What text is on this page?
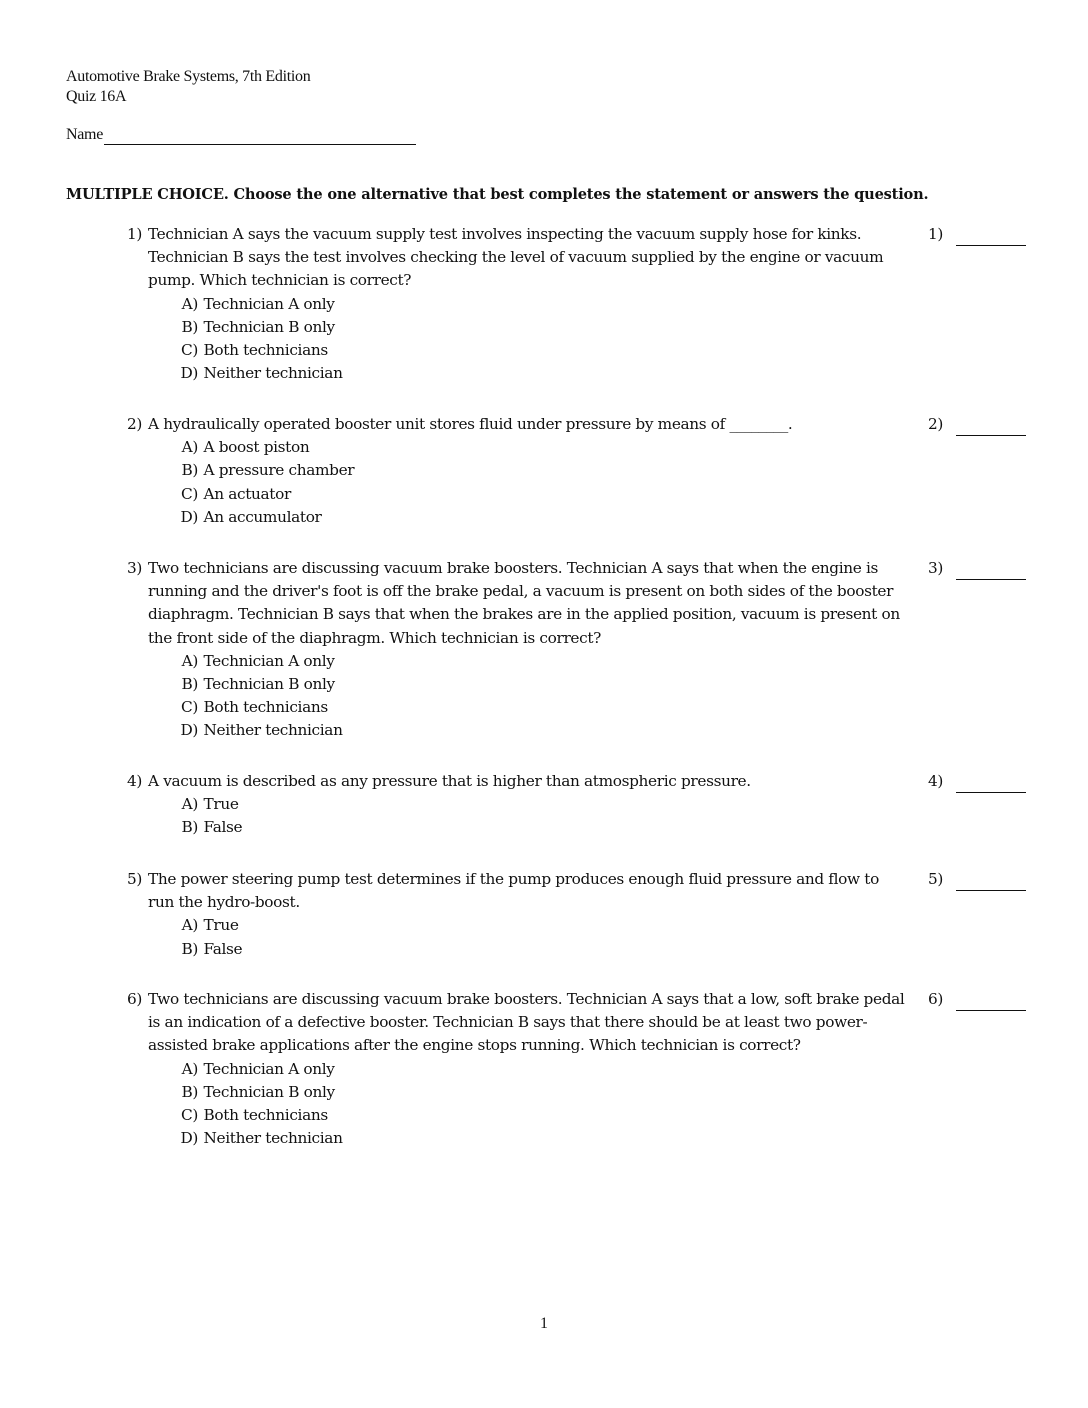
Automotive Brake Systems, 7th Edition
Quiz 16A
Name
MULTIPLE CHOICE. Choose the one alternative that best completes the statement or answers the question.
1) Technician A says the vacuum supply test involves inspecting the vacuum supply hose for kinks. Technician B says the test involves checking the level of vacuum supplied by the engine or vacuum pump. Which technician is correct?
1)
A) Technician A only
B) Technician B only
C) Both technicians
D) Neither technician
2) A hydraulically operated booster unit stores fluid under pressure by means of ________.	2)
A) A boost piston
B) A pressure chamber
C) An actuator
D) An accumulator
3) Two technicians are discussing vacuum brake boosters. Technician A says that when the engine is running and the driver's foot is off the brake pedal, a vacuum is present on both sides of the booster diaphragm. Technician B says that when the brakes are in the applied position, vacuum is present on the front side of the diaphragm. Which technician is correct?
3)
A) Technician A only
B) Technician B only
C) Both technicians
D) Neither technician
4) A vacuum is described as any pressure that is higher than atmospheric pressure.	4)
A) True
B) False
5) The power steering pump test determines if the pump produces enough fluid pressure and flow to run the hydro-boost.
5)
A) True
B) False
6) Two technicians are discussing vacuum brake boosters. Technician A says that a low, soft brake pedal is an indication of a defective booster. Technician B says that there should be at least two power-assisted brake applications after the engine stops running. Which technician is correct?
6)
A) Technician A only
B) Technician B only
C) Both technicians
D) Neither technician
1
